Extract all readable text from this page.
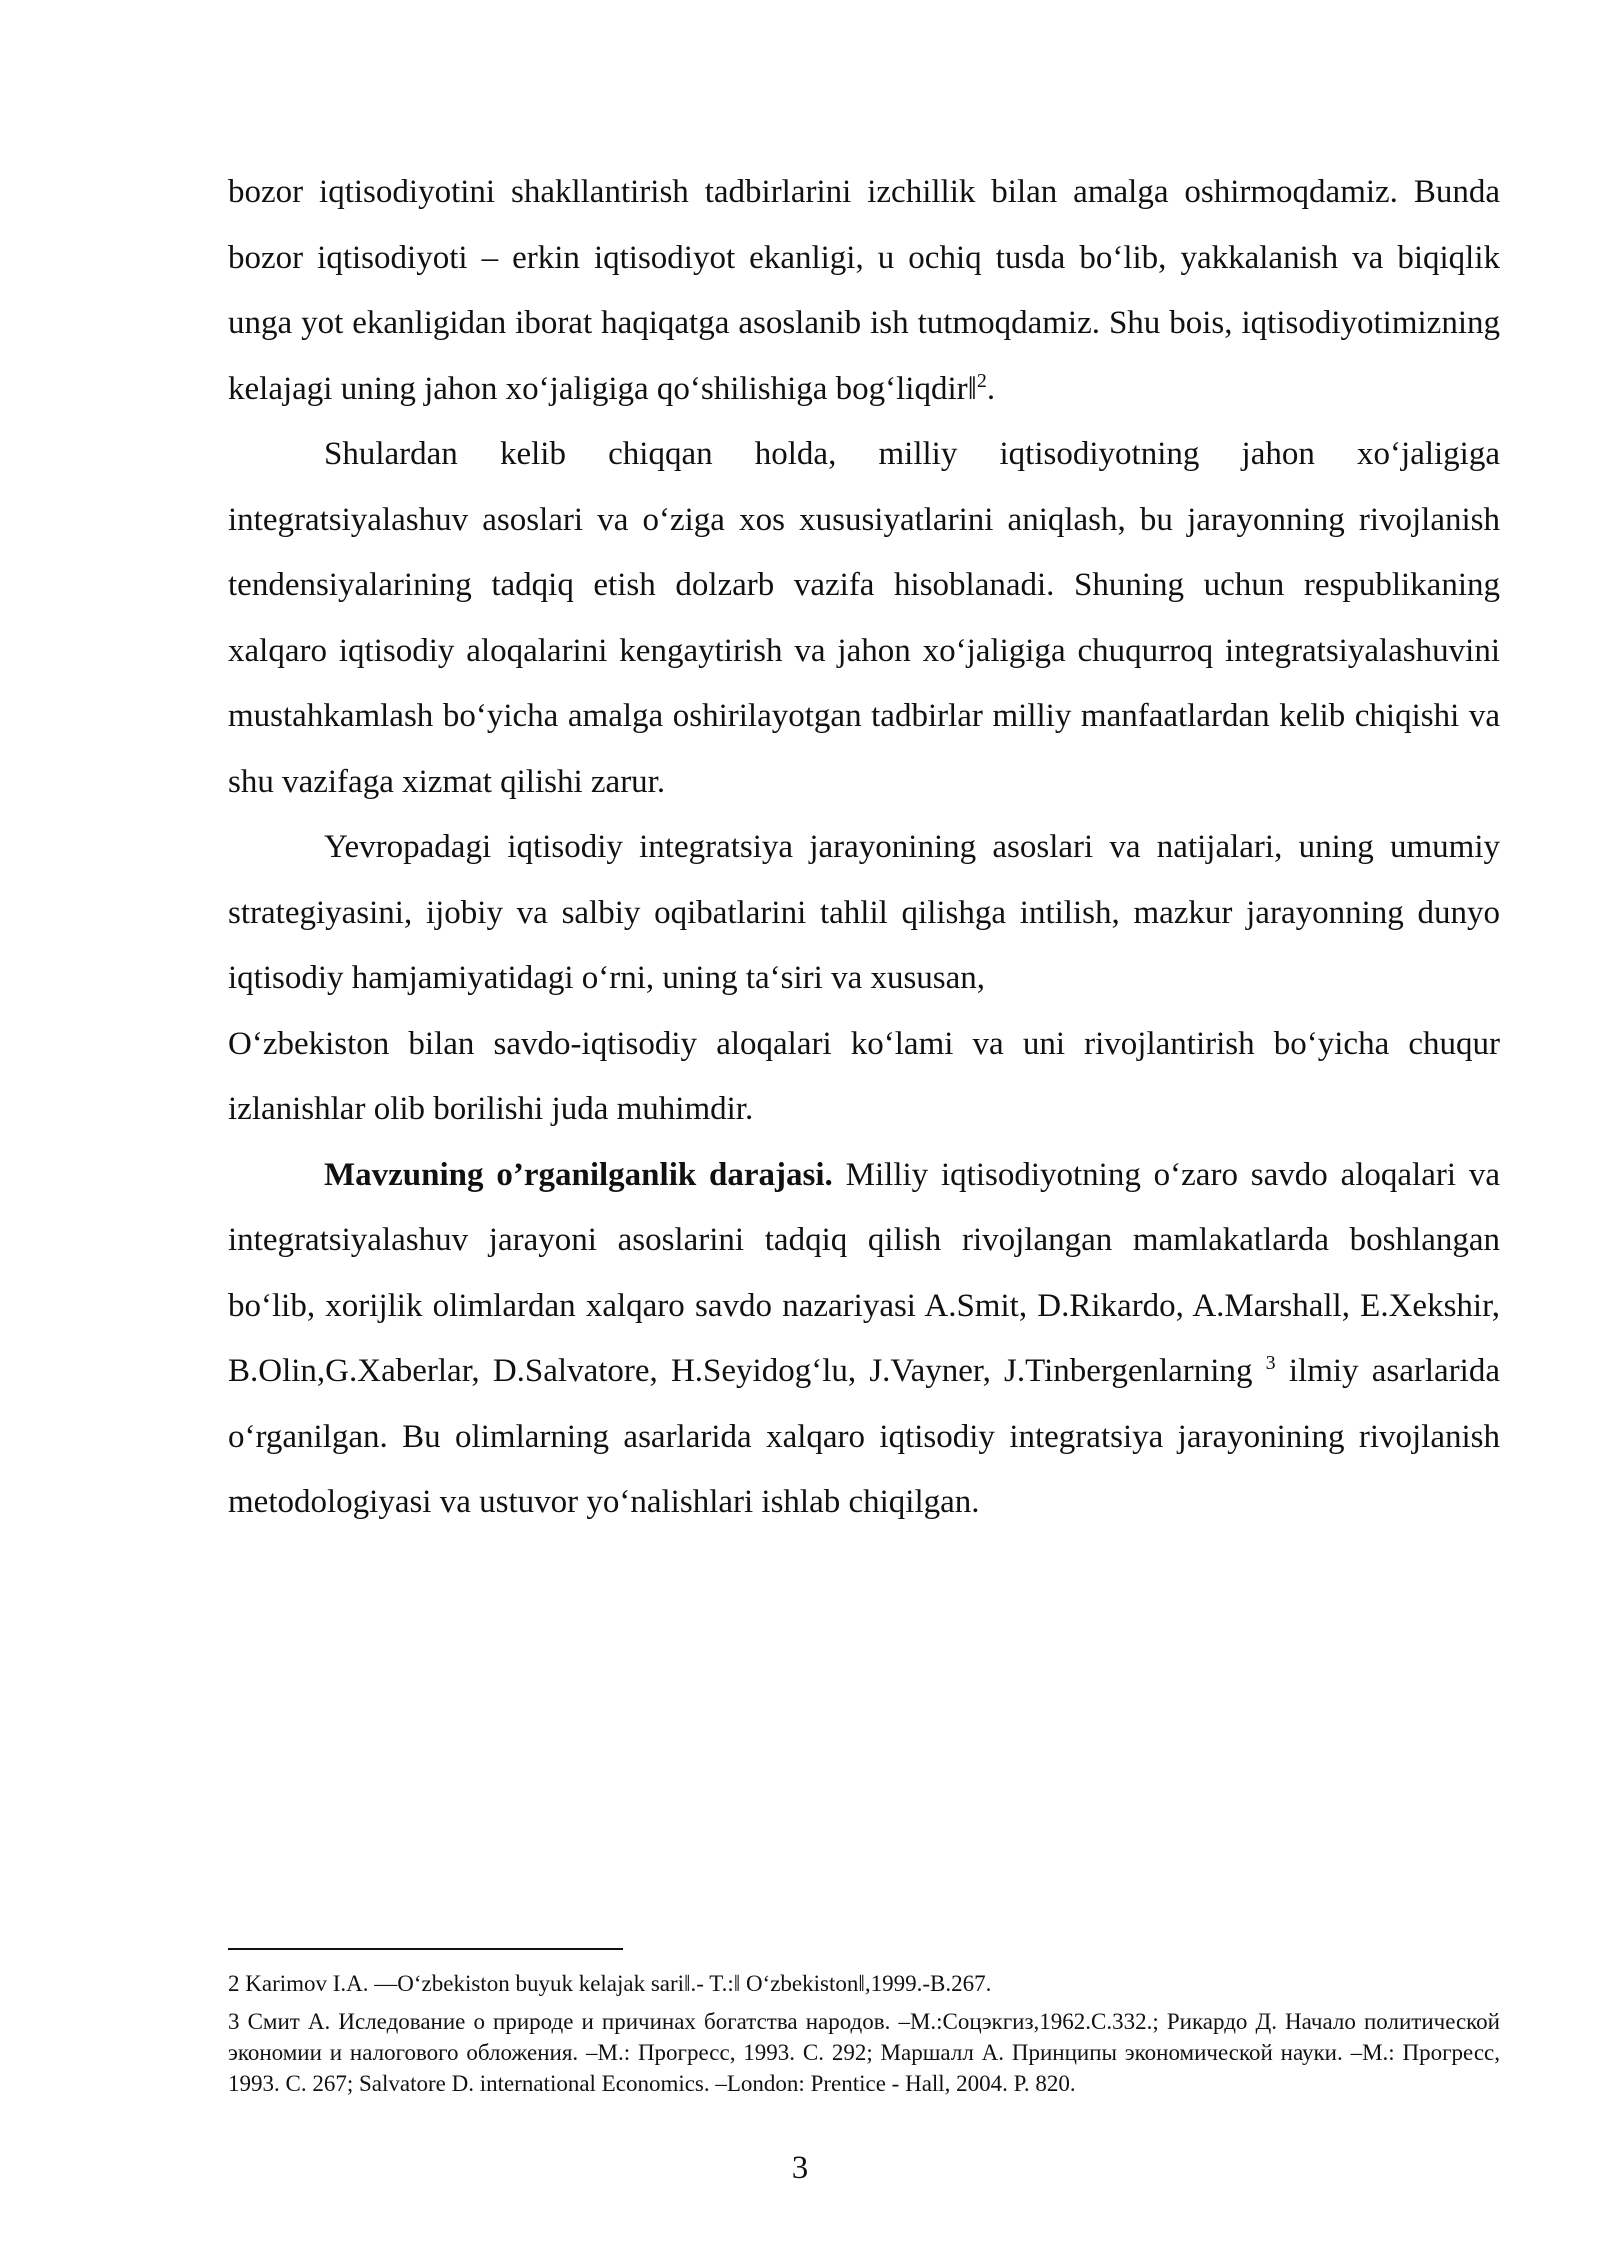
bozor iqtisodiyotini shakllantirish tadbirlarini izchillik bilan amalga oshirmoqdamiz. Bunda bozor iqtisodiyoti – erkin iqtisodiyot ekanligi, u ochiq tusda bo‘lib, yakkalanish va biqiqlik unga yot ekanligidan iborat haqiqatga asoslanib ish tutmoqdamiz. Shu bois, iqtisodiyotimizning kelajagi uning jahon xo‘jaligiga qo‘shilishiga bog‘liqdir‖$^2$.

Shulardan kelib chiqqan holda, milliy iqtisodiyotning jahon xo‘jaligiga integratsiyalashuv asoslari va o‘ziga xos xususiyatlarini aniqlash, bu jarayonning rivojlanish tendensiyalarining tadqiq etish dolzarb vazifa hisoblanadi. Shuning uchun respublikaning xalqaro iqtisodiy aloqalarini kengaytirish va jahon xo‘jaligiga chuqurroq integratsiyalashuvini mustahkamlash bo‘yicha amalga oshirilayotgan tadbirlar milliy manfaatlardan kelib chiqishi va shu vazifaga xizmat qilishi zarur.

Yevropadagi iqtisodiy integratsiya jarayonining asoslari va natijalari, uning umumiy strategiyasini, ijobiy va salbiy oqibatlarini tahlil qilishga intilish, mazkur jarayonning dunyo iqtisodiy hamjamiyatidagi o‘rni, uning ta‘siri va xususan,
O‘zbekiston bilan savdo-iqtisodiy aloqalari ko‘lami va uni rivojlantirish bo‘yicha chuqur izlanishlar olib borilishi juda muhimdir.

Mavzuning o’rganilganlik darajasi. Milliy iqtisodiyotning o‘zaro savdo aloqalari va integratsiyalashuv jarayoni asoslarini tadqiq qilish rivojlangan mamlakatlarda boshlangan bo‘lib, xorijlik olimlardan xalqaro savdo nazariyasi A.Smit, D.Rikardo, A.Marshall, E.Xekshir, B.Olin,G.Xaberlar, D.Salvatore, H.Seyidog‘lu, J.Vayner, J.Tinbergenlarning $^3$ ilmiy asarlarida o‘rganilgan. Bu olimlarning asarlarida xalqaro iqtisodiy integratsiya jarayonining rivojlanish metodologiyasi va ustuvor yo‘nalishlari ishlab chiqilgan.

2 Karimov I.A. ―O‘zbekiston buyuk kelajak sari‖.- T.:‖ O‘zbekiston‖,1999.-B.267.

3 Смит А. Иследование о природе и причинах богатства народов. –М.:Соцэкгиз,1962.С.332.; Рикардо Д. Начало политической экономии и налогового обложения. –М.: Прогресс, 1993. С. 292; Маршалл А. Принципы экономической науки. –М.: Прогресс, 1993. С. 267; Salvatore D. international Economics. –London: Prentice - Hall, 2004. P. 820.

3
